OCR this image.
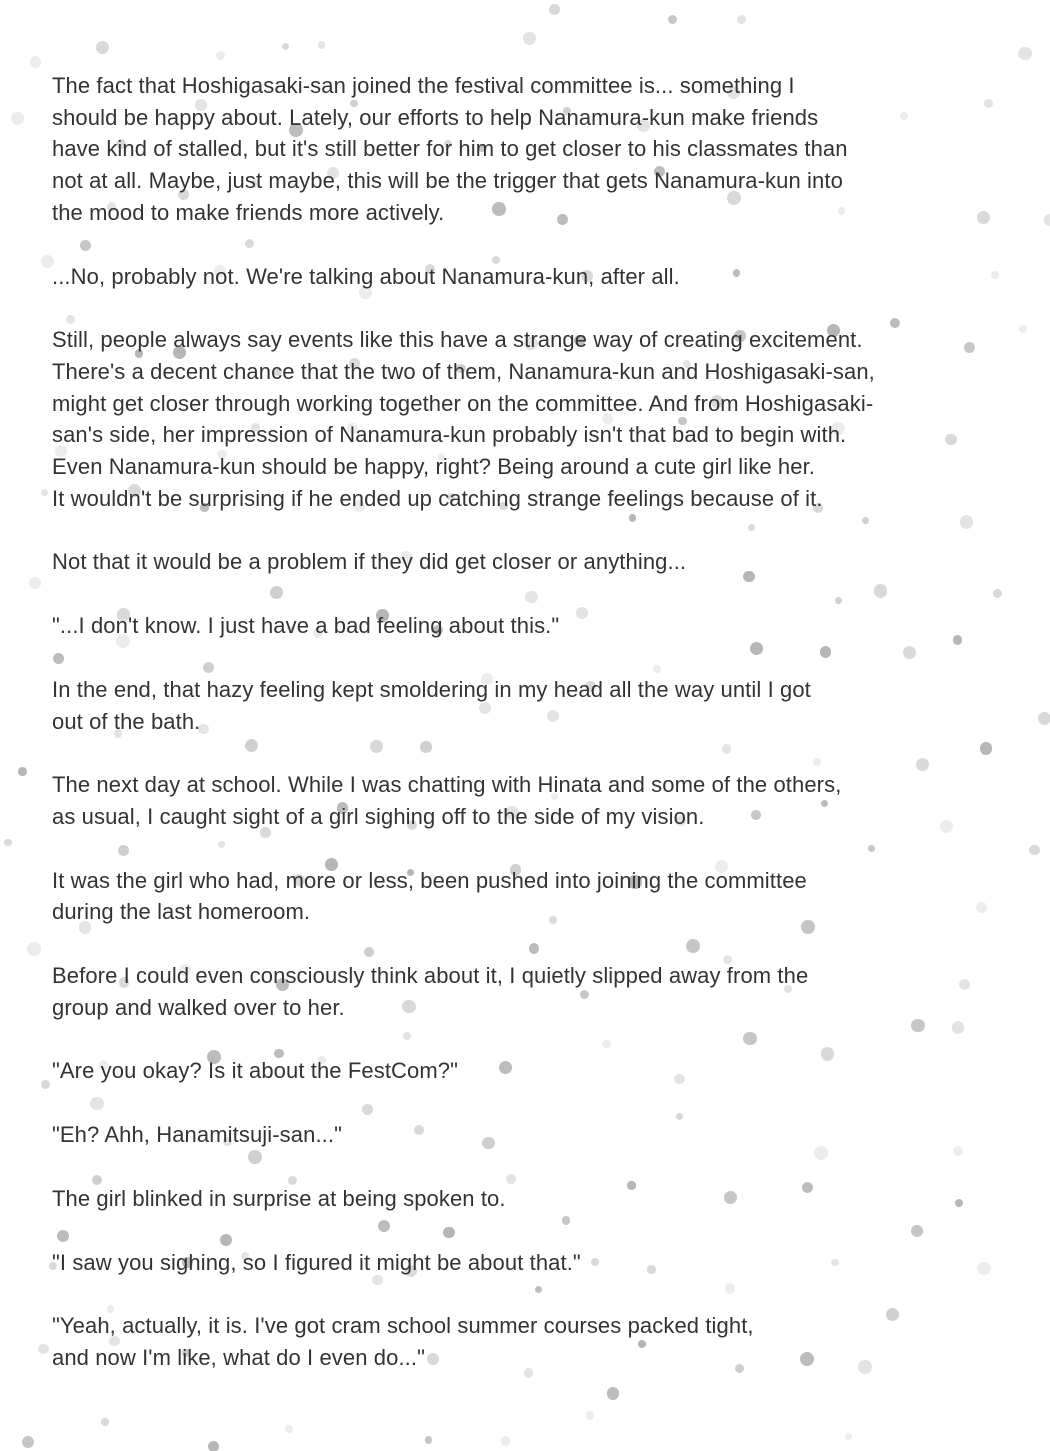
The fact that Hoshigasaki-san joined the festival committee is... something I
should be happy about. Lately, our efforts to help Nanamura-kun make friends
have kind of stalled, but it's still better for him to get closer to his classmates than
not at all. Maybe, just maybe, this will be the trigger that gets Nanamura-kun into
the mood to make friends more actively.

...No, probably not. We're talking about Nanamura-kun, after all.

Still, people always say events like this have a strange way of creating excitement.
There's a decent chance that the two of them, Nanamura-kun and Hoshigasaki-san,
might get closer through working together on the committee. And from Hoshigasaki-
san's side, her impression of Nanamura-kun probably isn't that bad to begin with.
Even Nanamura-kun should be happy, right? Being around a cute girl like her.
It wouldn't be surprising if he ended up catching strange feelings because of it.

Not that it would be a problem if they did get closer or anything...

"...I don't know. I just have a bad feeling about this."

In the end, that hazy feeling kept smoldering in my head all the way until I got
out of the bath.

The next day at school. While I was chatting with Hinata and some of the others,
as usual, I caught sight of a girl sighing off to the side of my vision.

It was the girl who had, more or less, been pushed into joining the committee
during the last homeroom.

Before I could even consciously think about it, I quietly slipped away from the
group and walked over to her.

"Are you okay? Is it about the FestCom?"

"Eh? Ahh, Hanamitsuji-san..."

The girl blinked in surprise at being spoken to.

"I saw you sighing, so I figured it might be about that."

"Yeah, actually, it is. I've got cram school summer courses packed tight,
and now I'm like, what do I even do..."
